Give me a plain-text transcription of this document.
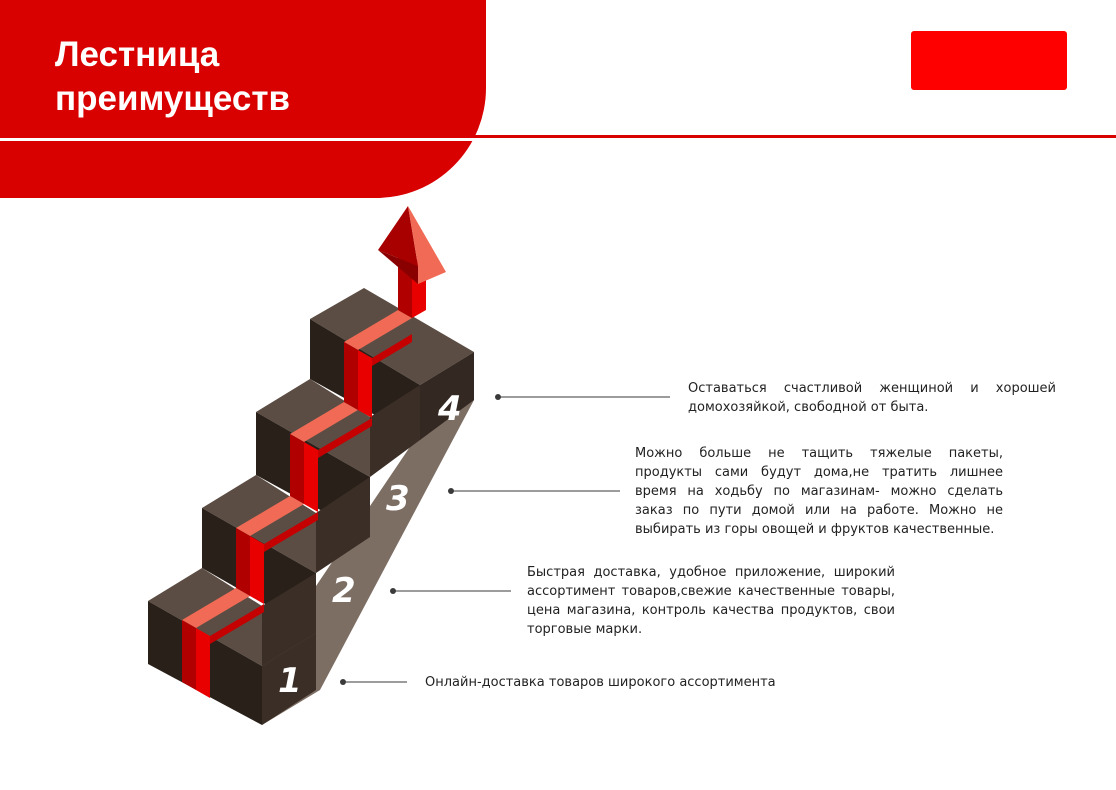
Лестница
преимуществ
1
2
3
4

Онлайн-доставка товаров широкого ассортимента

Быстрая доставка, удобное приложение, широкий ассортимент товаров,свежие качественные товары, цена магазина, контроль качества продуктов, свои торговые марки.

Можно больше не тащить тяжелые пакеты, продукты сами будут дома,не тратить лишнее время на ходьбу по магазинам- можно сделать заказ по пути домой или на работе. Можно не выбирать из горы овощей и фруктов качественные.

Оставаться счастливой женщиной и хорошей домохозяйкой, свободной от быта.
